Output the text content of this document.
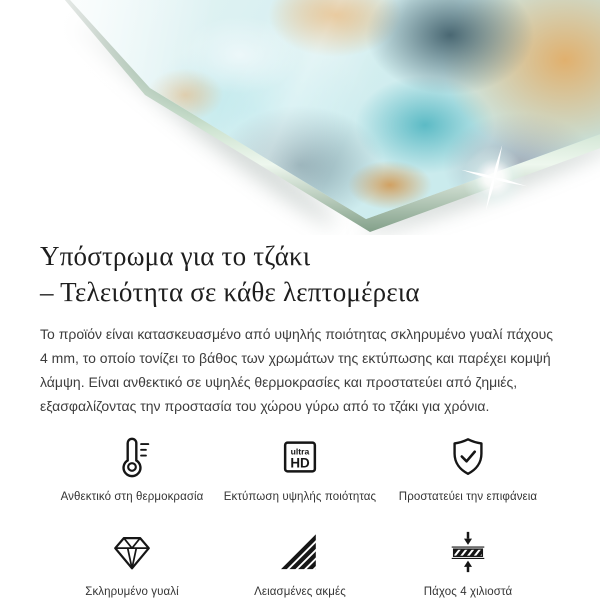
Υπόστρωμα για το τζάκι
– Τελειότητα σε κάθε λεπτομέρεια

Το προϊόν είναι κατασκευασμένο από υψηλής ποιότητας σκληρυμένο γυαλί πάχους 4 mm, το οποίο τονίζει το βάθος των χρωμάτων της εκτύπωσης και παρέχει κομψή λάμψη. Είναι ανθεκτικό σε υψηλές θερμοκρασίες και προστατεύει από ζημιές, εξασφαλίζοντας την προστασία του χώρου γύρω από το τζάκι για χρόνια.

Ανθεκτικό στη θερμοκρασία
ultra
HD
Εκτύπωση υψηλής ποιότητας Προστατεύει την επιφάνεια
Σκληρυμένο γυαλί	Λειασμένες ακμές	Πάχος 4 χιλιοστά
